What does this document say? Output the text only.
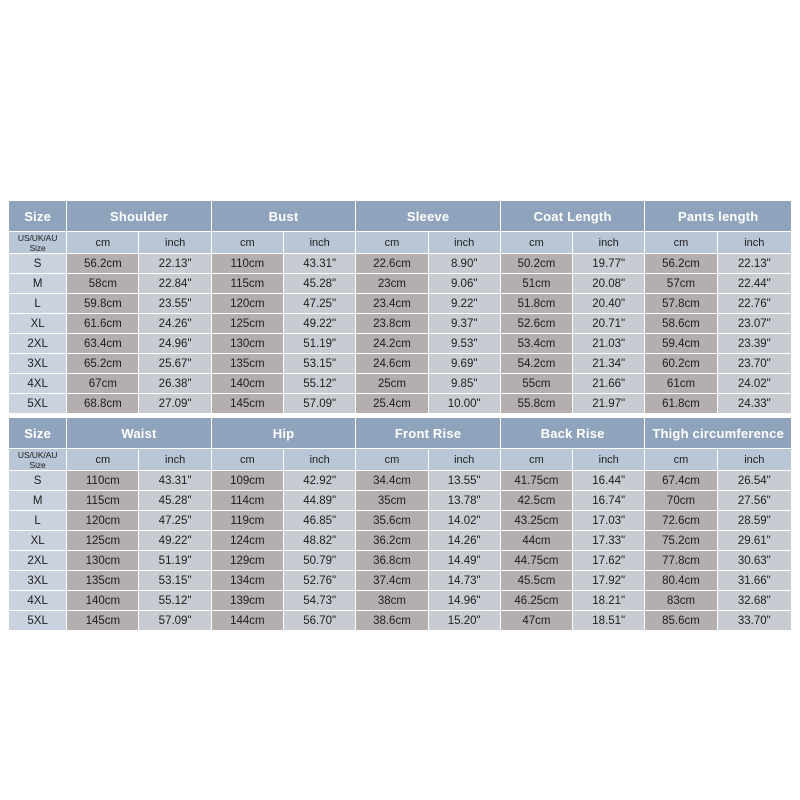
Size	Shoulder		Bust		Sleeve		Coat Length		Pants length	
US/UK/AU Size	cm	inch	cm	inch	cm	inch	cm	inch	cm	inch
S	56.2cm	22.13"	110cm	43.31"	22.6cm	8.90"	50.2cm	19.77"	56.2cm	22.13"
M	58cm	22.84"	115cm	45.28"	23cm	9.06"	51cm	20.08"	57cm	22.44"
L	59.8cm	23.55"	120cm	47.25"	23.4cm	9.22"	51.8cm	20.40"	57.8cm	22.76"
XL	61.6cm	24.26"	125cm	49.22"	23.8cm	9.37"	52.6cm	20.71"	58.6cm	23.07"
2XL	63.4cm	24.96"	130cm	51.19"	24.2cm	9.53"	53.4cm	21.03"	59.4cm	23.39"
3XL	65.2cm	25.67"	135cm	53.15"	24.6cm	9.69"	54.2cm	21.34"	60.2cm	23.70"
4XL	67cm	26.38"	140cm	55.12"	25cm	9.85"	55cm	21.66"	61cm	24.02"
5XL	68.8cm	27.09"	145cm	57.09"	25.4cm	10.00"	55.8cm	21.97"	61.8cm	24.33"

Size	Waist		Hip		Front Rise		Back Rise		Thigh circumference	
US/UK/AU Size	cm	inch	cm	inch	cm	inch	cm	inch	cm	inch
S	110cm	43.31"	109cm	42.92"	34.4cm	13.55"	41.75cm	16.44"	67.4cm	26.54"
M	115cm	45.28"	114cm	44.89"	35cm	13.78"	42.5cm	16.74"	70cm	27.56"
L	120cm	47.25"	119cm	46.85"	35.6cm	14.02"	43.25cm	17.03"	72.6cm	28.59"
XL	125cm	49.22"	124cm	48.82"	36.2cm	14.26"	44cm	17.33"	75.2cm	29.61"
2XL	130cm	51.19"	129cm	50.79"	36.8cm	14.49"	44.75cm	17.62"	77.8cm	30.63"
3XL	135cm	53.15"	134cm	52.76"	37.4cm	14.73"	45.5cm	17.92"	80.4cm	31.66"
4XL	140cm	55.12"	139cm	54.73"	38cm	14.96"	46.25cm	18.21"	83cm	32.68"
5XL	145cm	57.09"	144cm	56.70"	38.6cm	15.20"	47cm	18.51"	85.6cm	33.70"
